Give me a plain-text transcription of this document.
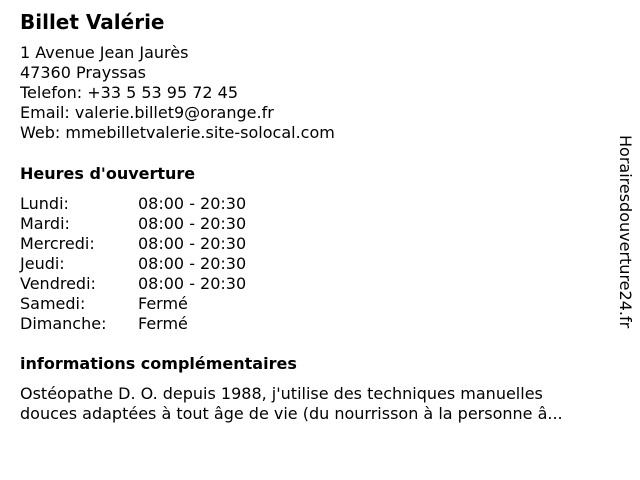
Billet Valérie
1 Avenue Jean Jaurès
47360 Prayssas
Telefon: +33 5 53 95 72 45
Email: valerie.billet9@orange.fr
Web: mmebilletvalerie.site-solocal.com
Heures d'ouverture
Lundi:	08:00 - 20:30
Mardi:	08:00 - 20:30
Mercredi:	08:00 - 20:30
Jeudi:	08:00 - 20:30
Vendredi:	08:00 - 20:30
Samedi:	Fermé
Dimanche:	Fermé
informations complémentaires
Ostéopathe D. O. depuis 1988, j'utilise des techniques manuelles
douces adaptées à tout âge de vie (du nourrisson à la personne â...
Horairesdouverture24.fr
